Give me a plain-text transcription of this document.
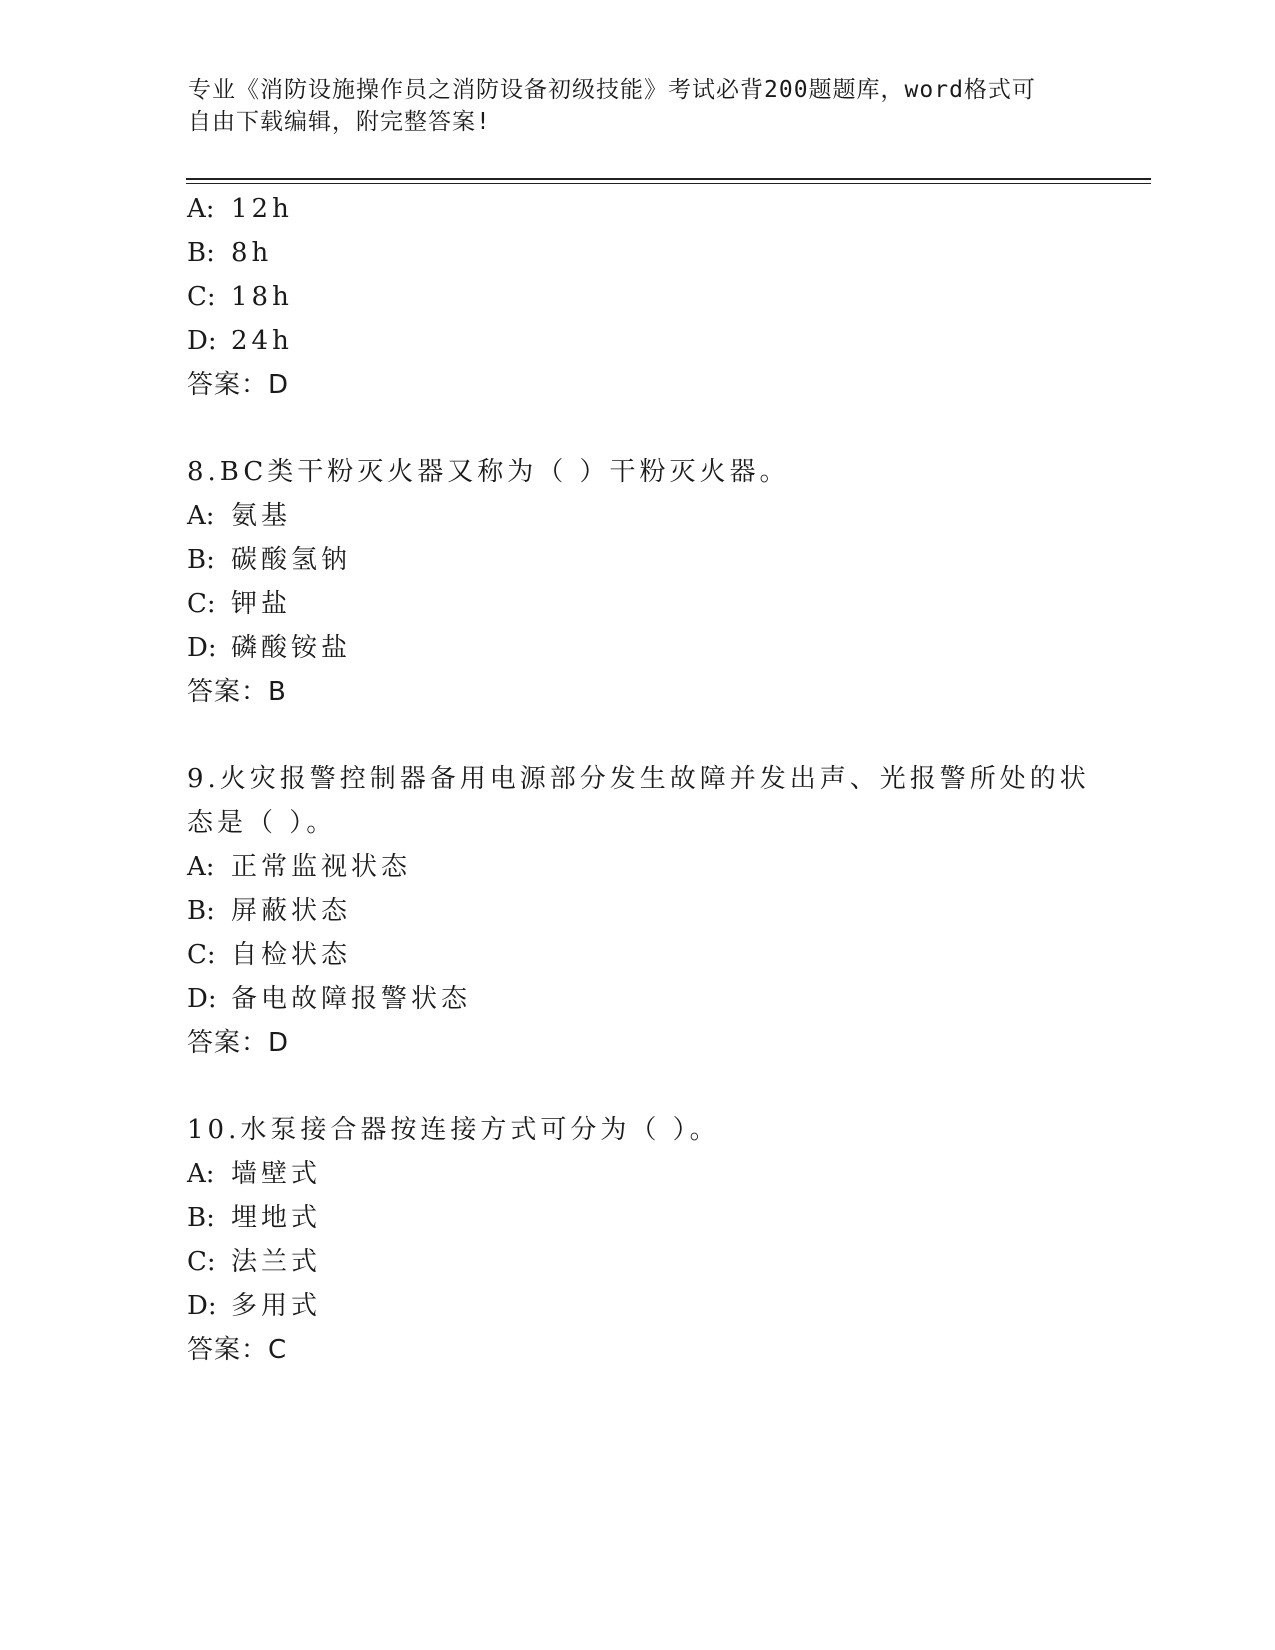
专业《消防设施操作员之消防设备初级技能》考试必背200题题库，word格式可
自由下载编辑，附完整答案!
A: 12h
B: 8h
C: 18h
D: 24h
答案：D
8.BC类干粉灭火器又称为（ ）干粉灭火器。
A: 氨基
B: 碳酸氢钠
C: 钾盐
D: 磷酸铵盐
答案：B
9.火灾报警控制器备用电源部分发生故障并发出声、光报警所处的状
态是（ ）。
A: 正常监视状态
B: 屏蔽状态
C: 自检状态
D: 备电故障报警状态
答案：D
10.水泵接合器按连接方式可分为（ ）。
A: 墙壁式
B: 埋地式
C: 法兰式
D: 多用式
答案：C
